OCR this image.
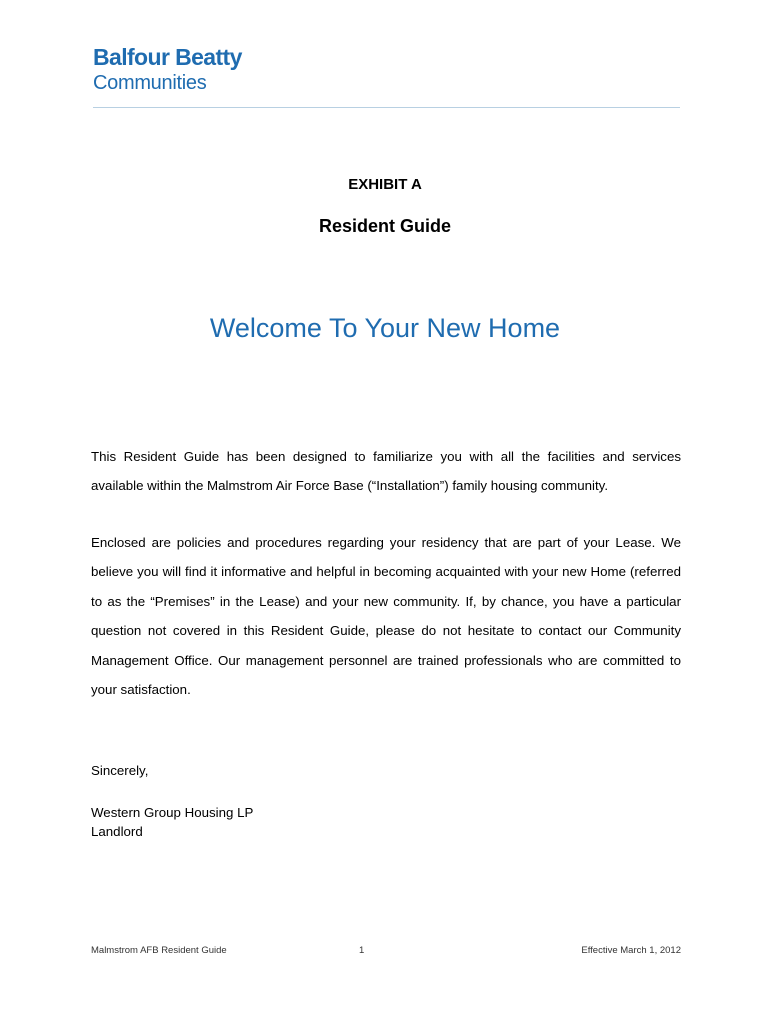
Balfour Beatty
Communities
EXHIBIT A
Resident Guide
Welcome To Your New Home

This Resident Guide has been designed to familiarize you with all the facilities and services available within the Malmstrom Air Force Base (“Installation”) family housing community.

Enclosed are policies and procedures regarding your residency that are part of your Lease. We believe you will find it informative and helpful in becoming acquainted with your new Home (referred to as the “Premises” in the Lease) and your new community. If, by chance, you have a particular question not covered in this Resident Guide, please do not hesitate to contact our Community Management Office. Our management personnel are trained professionals who are committed to your satisfaction.

Sincerely,
Western Group Housing LP
Landlord
Malmstrom AFB Resident Guide	1	Effective March 1, 2012
